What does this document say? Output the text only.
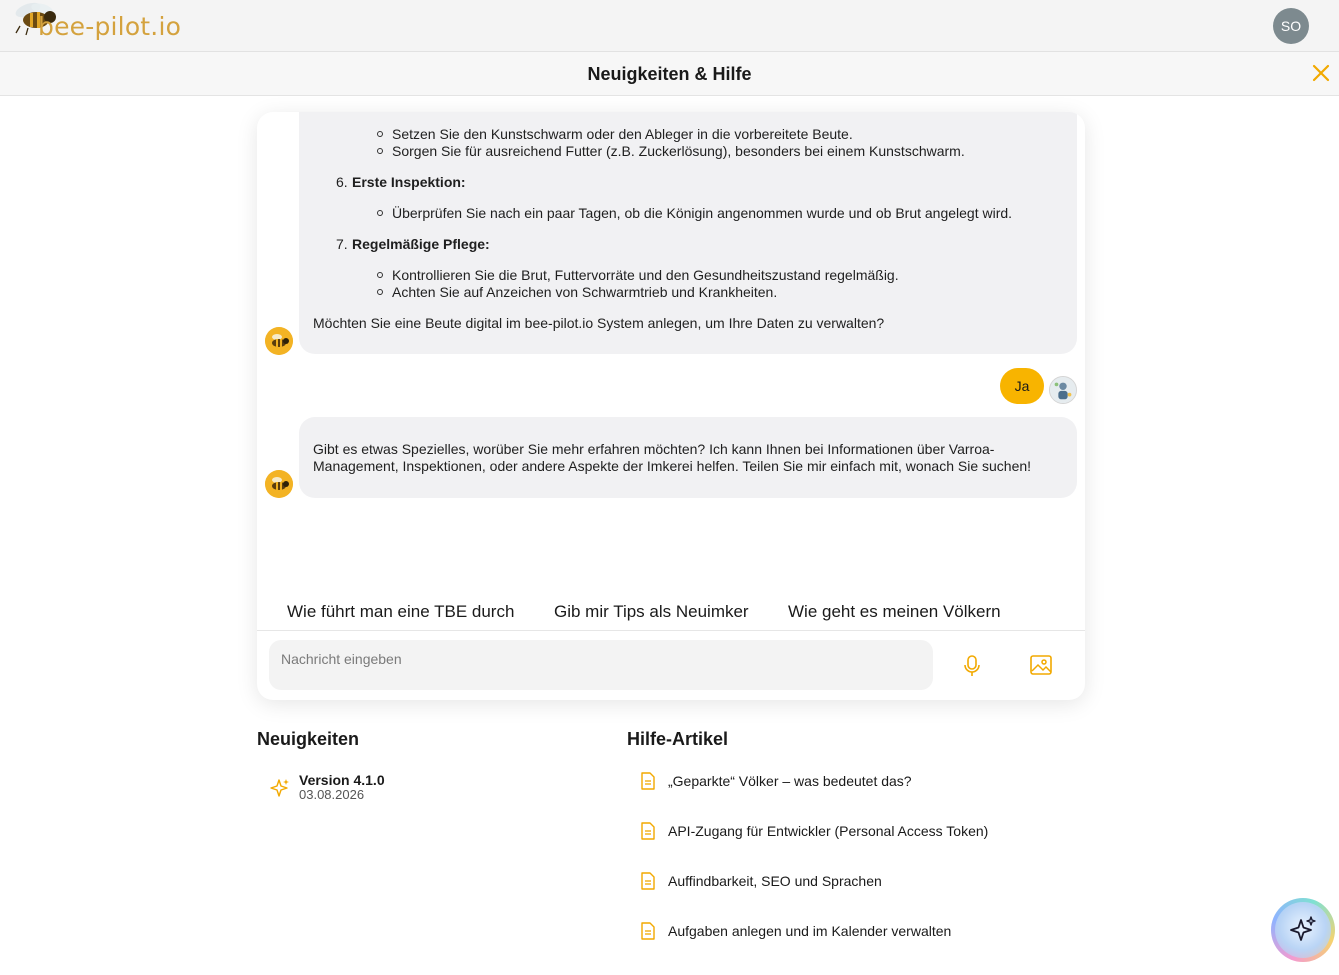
bee-pilot.io	SO
Neuigkeiten & Hilfe
Setzen Sie den Kunstschwarm oder den Ableger in die vorbereitete Beute.
Sorgen Sie für ausreichend Futter (z.B. Zuckerlösung), besonders bei einem Kunstschwarm.
6. Erste Inspektion:
Überprüfen Sie nach ein paar Tagen, ob die Königin angenommen wurde und ob Brut angelegt wird.
7. Regelmäßige Pflege:
Kontrollieren Sie die Brut, Futtervorräte und den Gesundheitszustand regelmäßig.
Achten Sie auf Anzeichen von Schwarmtrieb und Krankheiten.
Möchten Sie eine Beute digital im bee-pilot.io System anlegen, um Ihre Daten zu verwalten?
Ja
Gibt es etwas Spezielles, worüber Sie mehr erfahren möchten? Ich kann Ihnen bei Informationen über Varroa-
Management, Inspektionen, oder andere Aspekte der Imkerei helfen. Teilen Sie mir einfach mit, wonach Sie suchen!
Wie führt man eine TBE durch Gib mir Tips als Neuimker Wie geht es meinen Völkern
Nachricht eingeben
Neuigkeiten
Version 4.1.0
03.08.2026
Hilfe-Artikel
„Geparkte“ Völker – was bedeutet das?
API-Zugang für Entwickler (Personal Access Token)
Auffindbarkeit, SEO und Sprachen
Aufgaben anlegen und im Kalender verwalten
